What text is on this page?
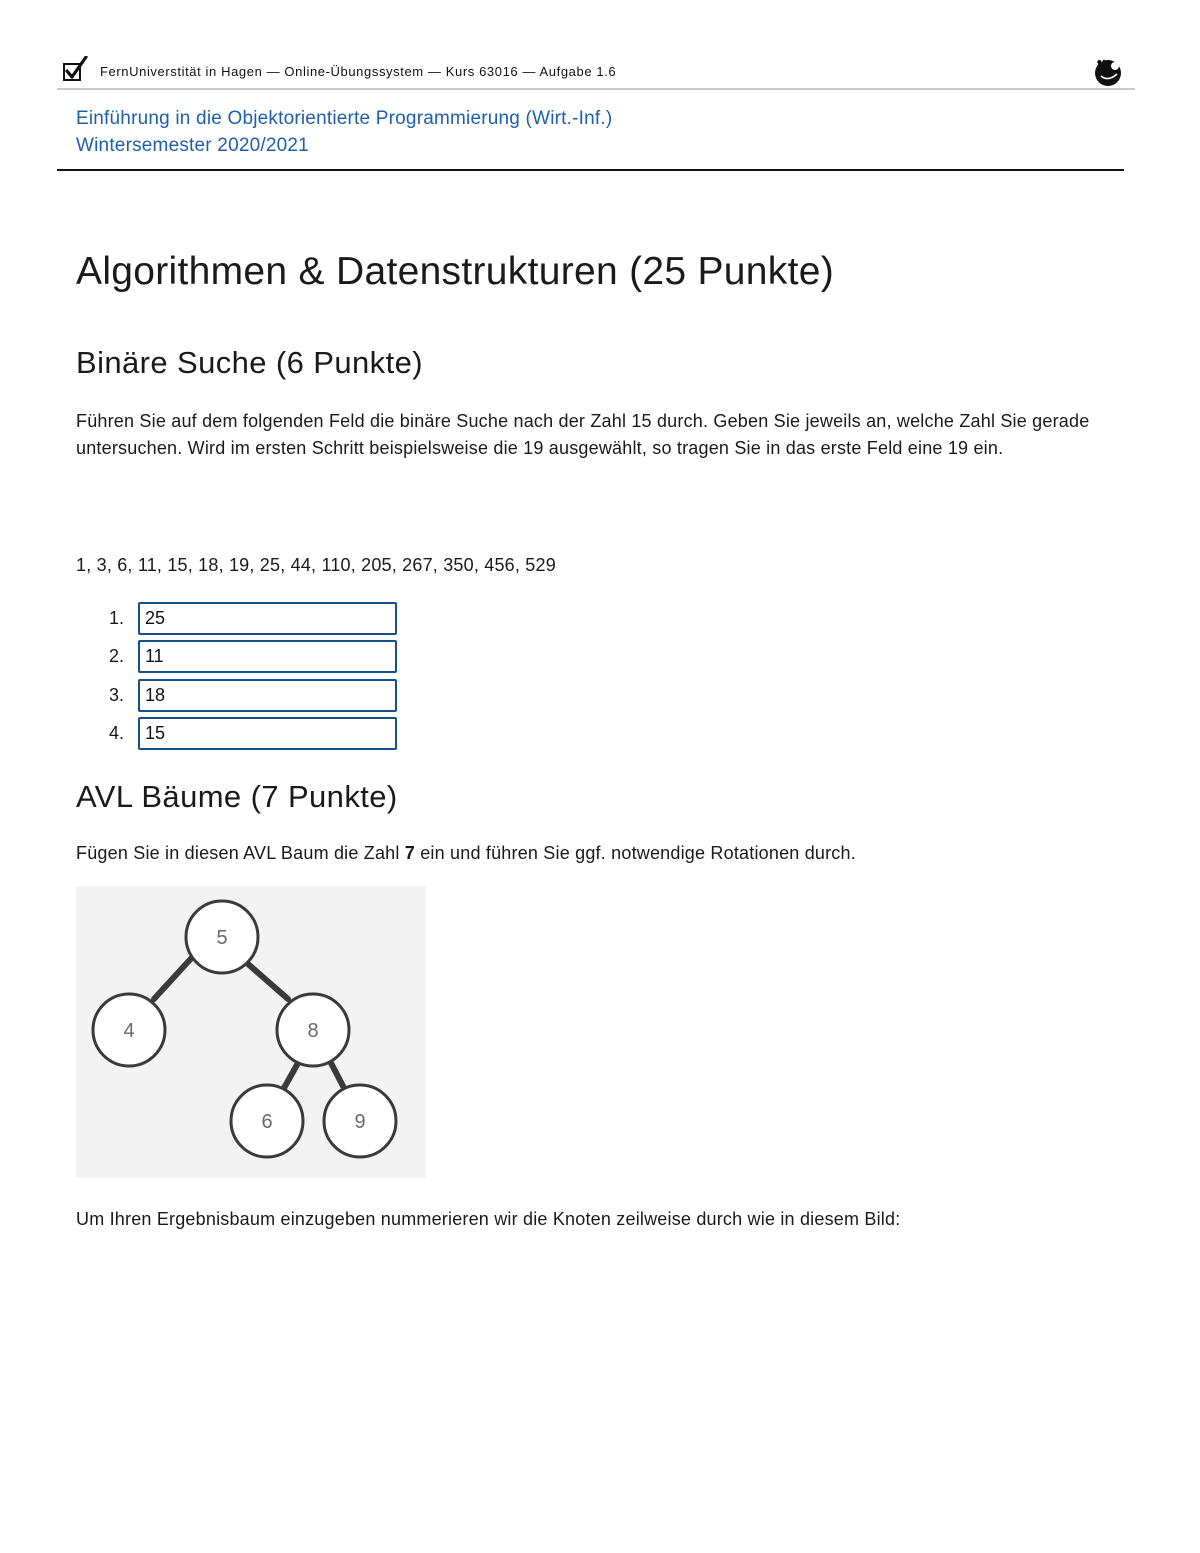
FernUniverstität in Hagen — Online-Übungssystem — Kurs 63016 — Aufgabe 1.6
Einführung in die Objektorientierte Programmierung (Wirt.-Inf.)
Wintersemester 2020/2021
Algorithmen & Datenstrukturen (25 Punkte)
Binäre Suche (6 Punkte)

Führen Sie auf dem folgenden Feld die binäre Suche nach der Zahl 15 durch. Geben Sie jeweils an, welche Zahl Sie gerade untersuchen. Wird im ersten Schritt beispielsweise die 19 ausgewählt, so tragen Sie in das erste Feld eine 19 ein.

1, 3, 6, 11, 15, 18, 19, 25, 44, 110, 205, 267, 350, 456, 529
1.
25
2.
11
3.
18
4.
15
AVL Bäume (7 Punkte)

Fügen Sie in diesen AVL Baum die Zahl 7 ein und führen Sie ggf. notwendige Rotationen durch.

5
4	8
6	9

Um Ihren Ergebnisbaum einzugeben nummerieren wir die Knoten zeilweise durch wie in diesem Bild:
